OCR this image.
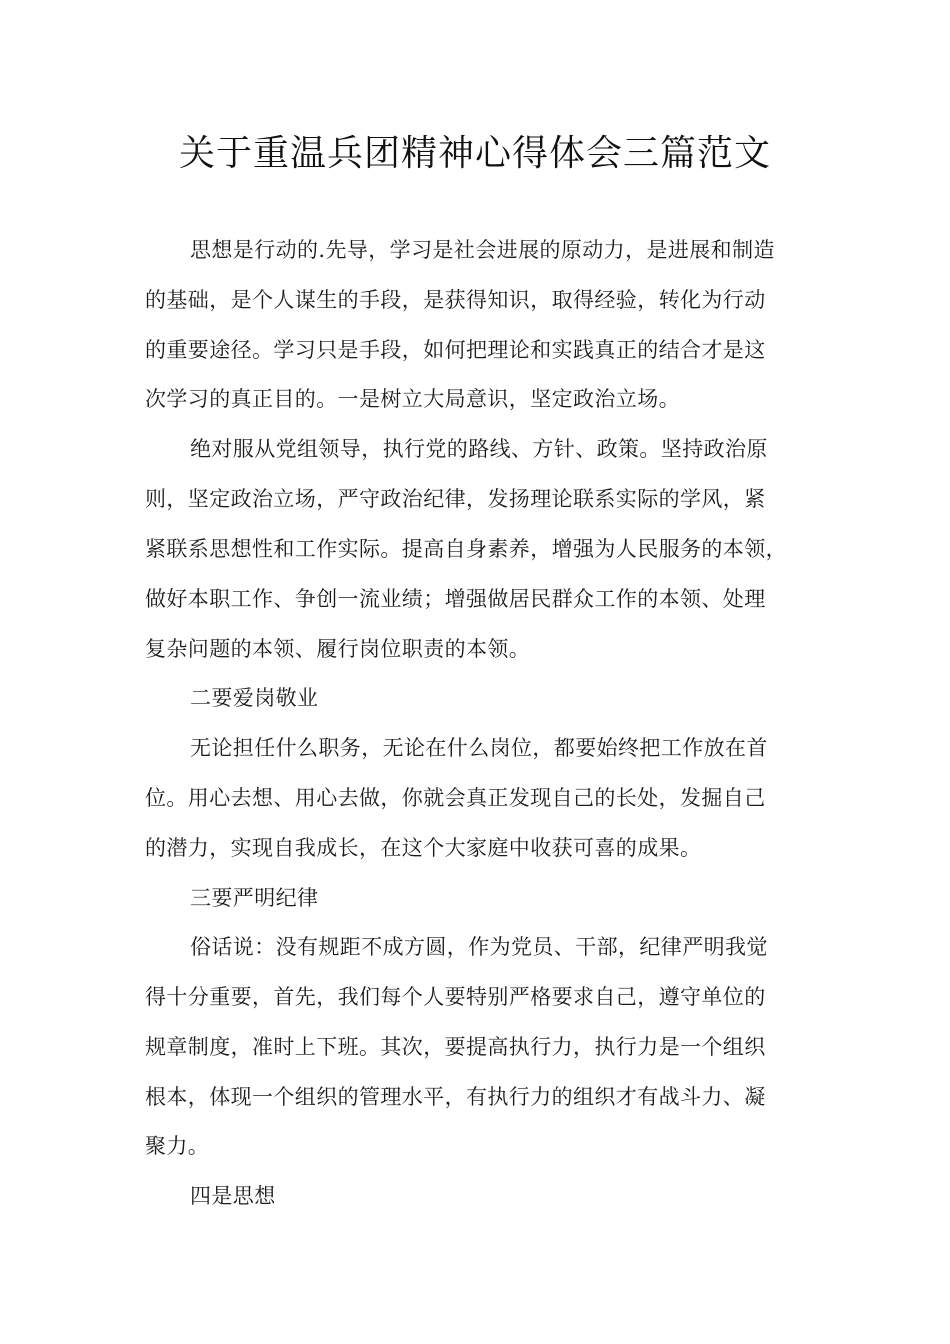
关于重温兵团精神心得体会三篇范文
思想是行动的.先导，学习是社会进展的原动力，是进展和制造
的基础，是个人谋生的手段，是获得知识，取得经验，转化为行动
的重要途径。学习只是手段，如何把理论和实践真正的结合才是这
次学习的真正目的。一是树立大局意识，坚定政治立场。
绝对服从党组领导，执行党的路线、方针、政策。坚持政治原
则，坚定政治立场，严守政治纪律，发扬理论联系实际的学风，紧
紧联系思想性和工作实际。提高自身素养，增强为人民服务的本领，
做好本职工作、争创一流业绩；增强做居民群众工作的本领、处理
复杂问题的本领、履行岗位职责的本领。
二要爱岗敬业
无论担任什么职务，无论在什么岗位，都要始终把工作放在首
位。用心去想、用心去做，你就会真正发现自己的长处，发掘自己
的潜力，实现自我成长，在这个大家庭中收获可喜的成果。
三要严明纪律
俗话说：没有规距不成方圆，作为党员、干部，纪律严明我觉
得十分重要，首先，我们每个人要特别严格要求自己，遵守单位的
规章制度，准时上下班。其次，要提高执行力，执行力是一个组织
根本，体现一个组织的管理水平，有执行力的组织才有战斗力、凝
聚力。
四是思想
